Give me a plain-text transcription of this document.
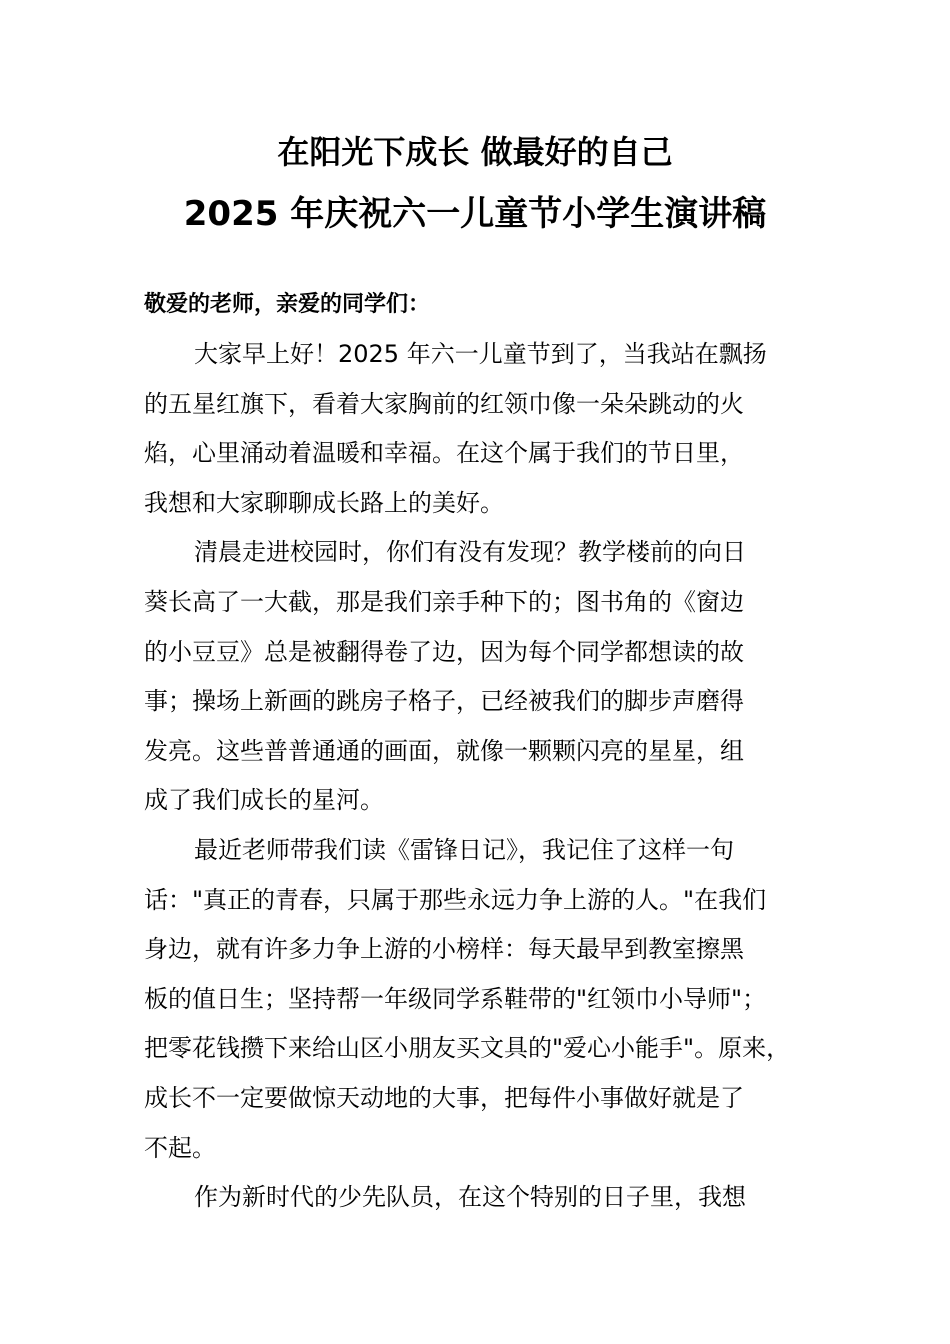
在阳光下成长 做最好的自己
2025 年庆祝六一儿童节小学生演讲稿
敬爱的老师，亲爱的同学们：

大家早上好！2025 年六一儿童节到了，当我站在飘扬
的五星红旗下，看着大家胸前的红领巾像一朵朵跳动的火
焰，心里涌动着温暖和幸福。在这个属于我们的节日里，
我想和大家聊聊成长路上的美好。

清晨走进校园时，你们有没有发现？教学楼前的向日
葵长高了一大截，那是我们亲手种下的；图书角的《窗边
的小豆豆》总是被翻得卷了边，因为每个同学都想读的故
事；操场上新画的跳房子格子，已经被我们的脚步声磨得
发亮。这些普普通通的画面，就像一颗颗闪亮的星星，组
成了我们成长的星河。

最近老师带我们读《雷锋日记》，我记住了这样一句
话："真正的青春，只属于那些永远力争上游的人。"在我们
身边，就有许多力争上游的小榜样：每天最早到教室擦黑
板的值日生；坚持帮一年级同学系鞋带的"红领巾小导师"；
把零花钱攒下来给山区小朋友买文具的"爱心小能手"。原来，
成长不一定要做惊天动地的大事，把每件小事做好就是了
不起。

作为新时代的少先队员，在这个特别的日子里，我想
